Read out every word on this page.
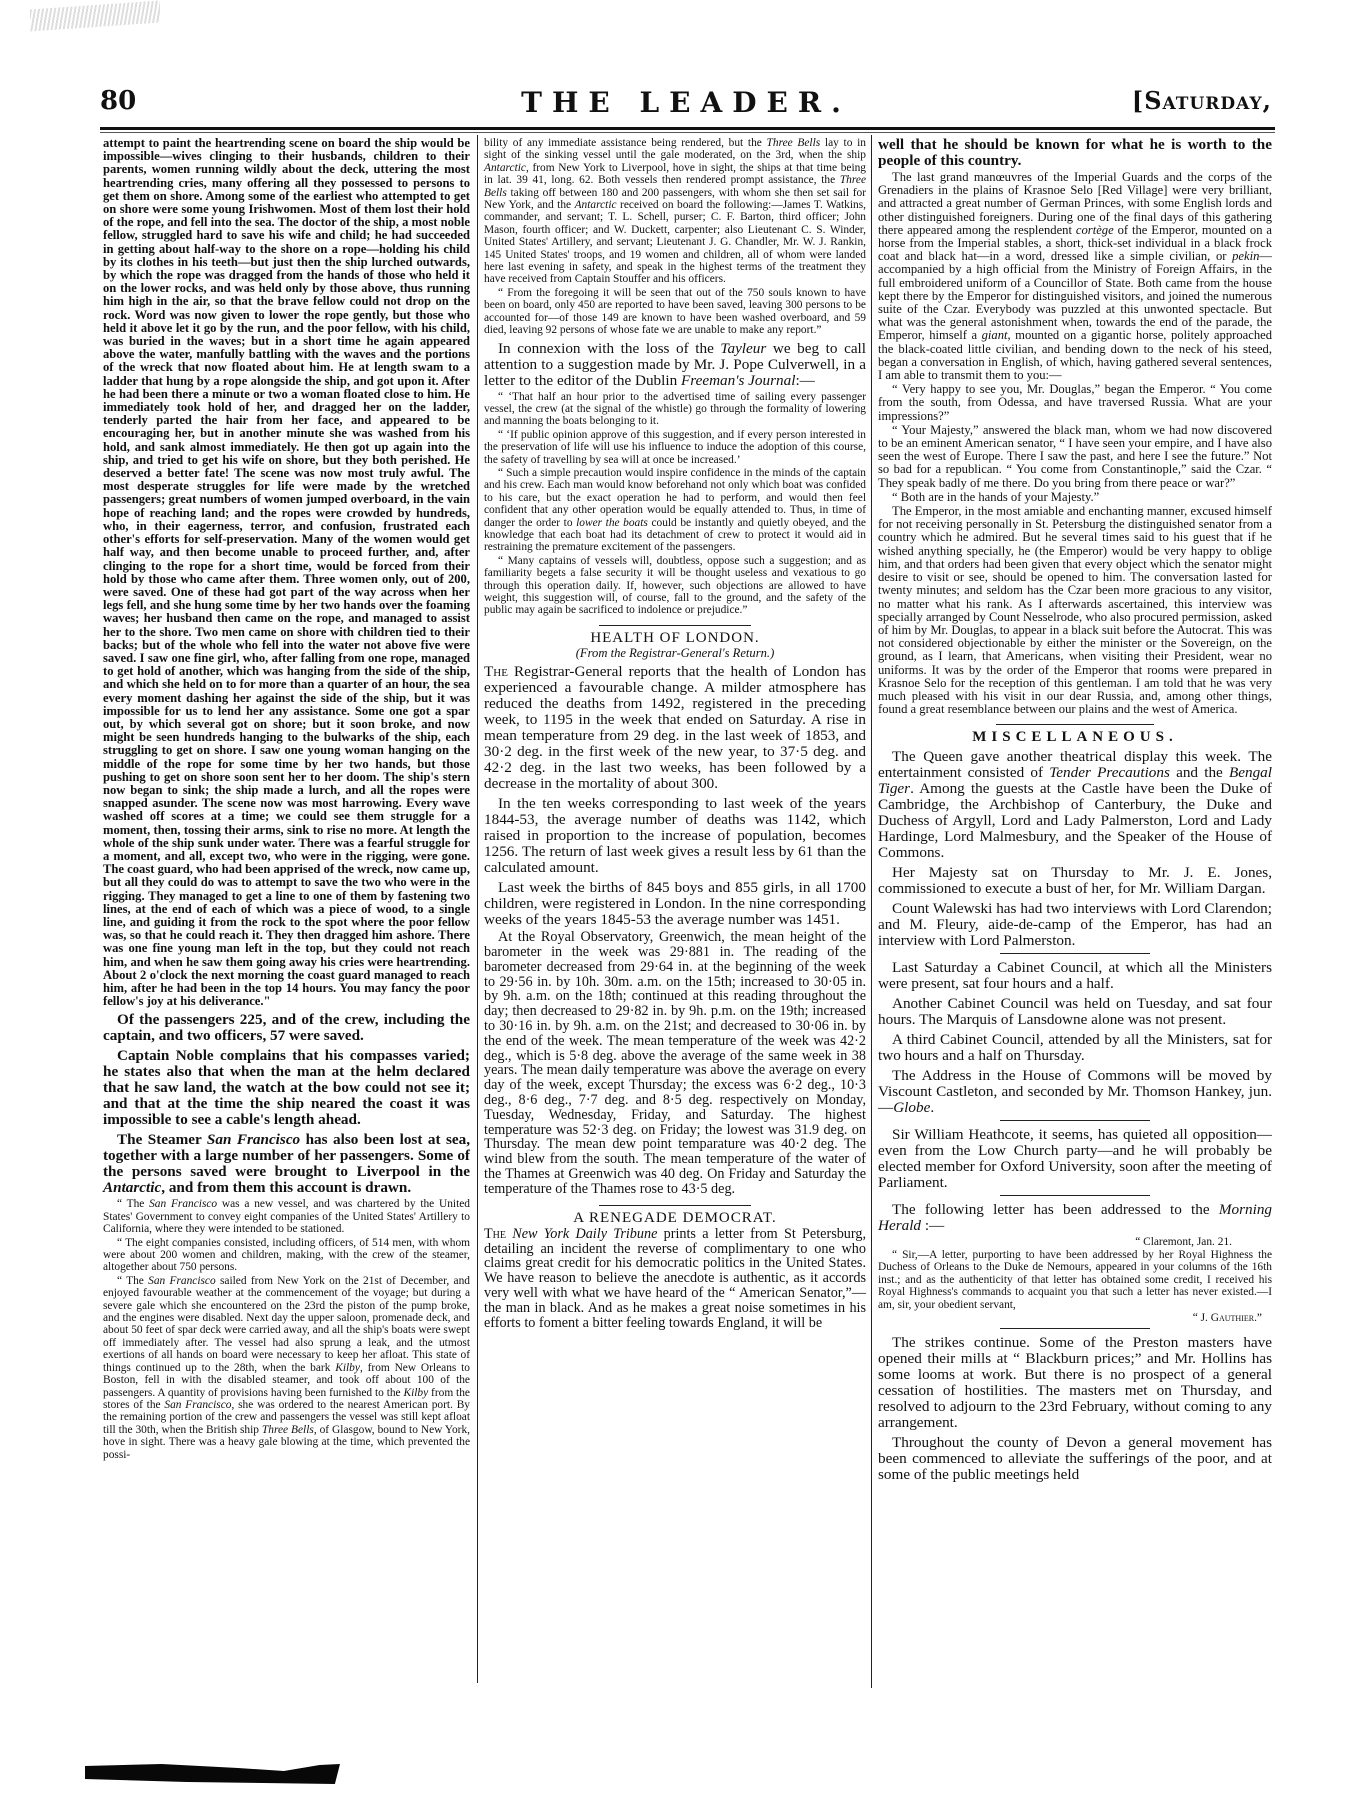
80	THE LEADER.	[Saturday,

attempt to paint the heartrending scene on board the ship would be impossible—wives clinging to their husbands, children to their parents, women running wildly about the deck, uttering the most heartrending cries, many offering all they possessed to persons to get them on shore. Among some of the earliest who attempted to get on shore were some young Irishwomen. Most of them lost their hold of the rope, and fell into the sea. The doctor of the ship, a most noble fellow, struggled hard to save his wife and child; he had succeeded in getting about half-way to the shore on a rope—holding his child by its clothes in his teeth—but just then the ship lurched outwards, by which the rope was dragged from the hands of those who held it on the lower rocks, and was held only by those above, thus running him high in the air, so that the brave fellow could not drop on the rock. Word was now given to lower the rope gently, but those who held it above let it go by the run, and the poor fellow, with his child, was buried in the waves; but in a short time he again appeared above the water, manfully battling with the waves and the portions of the wreck that now floated about him. He at length swam to a ladder that hung by a rope alongside the ship, and got upon it. After he had been there a minute or two a woman floated close to him. He immediately took hold of her, and dragged her on the ladder, tenderly parted the hair from her face, and appeared to be encouraging her, but in another minute she was washed from his hold, and sank almost immediately. He then got up again into the ship, and tried to get his wife on shore, but they both perished. He deserved a better fate! The scene was now most truly awful. The most desperate struggles for life were made by the wretched passengers; great numbers of women jumped overboard, in the vain hope of reaching land; and the ropes were crowded by hundreds, who, in their eagerness, terror, and confusion, frustrated each other's efforts for self-preservation. Many of the women would get half way, and then become unable to proceed further, and, after clinging to the rope for a short time, would be forced from their hold by those who came after them. Three women only, out of 200, were saved. One of these had got part of the way across when her legs fell, and she hung some time by her two hands over the foaming waves; her husband then came on the rope, and managed to assist her to the shore. Two men came on shore with children tied to their backs; but of the whole who fell into the water not above five were saved. I saw one fine girl, who, after falling from one rope, managed to get hold of another, which was hanging from the side of the ship, and which she held on to for more than a quarter of an hour, the sea every moment dashing her against the side of the ship, but it was impossible for us to lend her any assistance. Some one got a spar out, by which several got on shore; but it soon broke, and now might be seen hundreds hanging to the bulwarks of the ship, each struggling to get on shore. I saw one young woman hanging on the middle of the rope for some time by her two hands, but those pushing to get on shore soon sent her to her doom. The ship's stern now began to sink; the ship made a lurch, and all the ropes were snapped asunder. The scene now was most harrowing. Every wave washed off scores at a time; we could see them struggle for a moment, then, tossing their arms, sink to rise no more. At length the whole of the ship sunk under water. There was a fearful struggle for a moment, and all, except two, who were in the rigging, were gone. The coast guard, who had been apprised of the wreck, now came up, but all they could do was to attempt to save the two who were in the rigging. They managed to get a line to one of them by fastening two lines, at the end of each of which was a piece of wood, to a single line, and guiding it from the rock to the spot where the poor fellow was, so that he could reach it. They then dragged him ashore. There was one fine young man left in the top, but they could not reach him, and when he saw them going away his cries were heartrending. About 2 o'clock the next morning the coast guard managed to reach him, after he had been in the top 14 hours. You may fancy the poor fellow's joy at his deliverance."

Of the passengers 225, and of the crew, including the captain, and two officers, 57 were saved.

Captain Noble complains that his compasses varied; he states also that when the man at the helm declared that he saw land, the watch at the bow could not see it; and that at the time the ship neared the coast it was impossible to see a cable's length ahead.

The Steamer San Francisco has also been lost at sea, together with a large number of her passengers. Some of the persons saved were brought to Liverpool in the Antarctic, and from them this account is drawn.

“ The San Francisco was a new vessel, and was chartered by the United States' Government to convey eight companies of the United States' Artillery to California, where they were intended to be stationed.

“ The eight companies consisted, including officers, of 514 men, with whom were about 200 women and children, making, with the crew of the steamer, altogether about 750 persons.

“ The San Francisco sailed from New York on the 21st of December, and enjoyed favourable weather at the commencement of the voyage; but during a severe gale which she encountered on the 23rd the piston of the pump broke, and the engines were disabled. Next day the upper saloon, promenade deck, and about 50 feet of spar deck were carried away, and all the ship's boats were swept off immediately after. The vessel had also sprung a leak, and the utmost exertions of all hands on board were necessary to keep her afloat. This state of things continued up to the 28th, when the bark Kilby, from New Orleans to Boston, fell in with the disabled steamer, and took off about 100 of the passengers. A quantity of provisions having been furnished to the Kilby from the stores of the San Francisco, she was ordered to the nearest American port. By the remaining portion of the crew and passengers the vessel was still kept afloat till the 30th, when the British ship Three Bells, of Glasgow, bound to New York, hove in sight. There was a heavy gale blowing at the time, which prevented the possi-

bility of any immediate assistance being rendered, but the Three Bells lay to in sight of the sinking vessel until the gale moderated, on the 3rd, when the ship Antarctic, from New York to Liverpool, hove in sight, the ships at that time being in lat. 39 41, long. 62. Both vessels then rendered prompt assistance, the Three Bells taking off between 180 and 200 passengers, with whom she then set sail for New York, and the Antarctic received on board the following:—James T. Watkins, commander, and servant; T. L. Schell, purser; C. F. Barton, third officer; John Mason, fourth officer; and W. Duckett, carpenter; also Lieutenant C. S. Winder, United States' Artillery, and servant; Lieutenant J. G. Chandler, Mr. W. J. Rankin, 145 United States' troops, and 19 women and children, all of whom were landed here last evening in safety, and speak in the highest terms of the treatment they have received from Captain Stouffer and his officers.

“ From the foregoing it will be seen that out of the 750 souls known to have been on board, only 450 are reported to have been saved, leaving 300 persons to be accounted for—of those 149 are known to have been washed overboard, and 59 died, leaving 92 persons of whose fate we are unable to make any report.”

In connexion with the loss of the Tayleur we beg to call attention to a suggestion made by Mr. J. Pope Culverwell, in a letter to the editor of the Dublin Freeman's Journal:—

“ ‘That half an hour prior to the advertised time of sailing every passenger vessel, the crew (at the signal of the whistle) go through the formality of lowering and manning the boats belonging to it.

“ ‘If public opinion approve of this suggestion, and if every person interested in the preservation of life will use his influence to induce the adoption of this course, the safety of travelling by sea will at once be increased.’

“ Such a simple precaution would inspire confidence in the minds of the captain and his crew. Each man would know beforehand not only which boat was confided to his care, but the exact operation he had to perform, and would then feel confident that any other operation would be equally attended to. Thus, in time of danger the order to lower the boats could be instantly and quietly obeyed, and the knowledge that each boat had its detachment of crew to protect it would aid in restraining the premature excitement of the passengers.

“ Many captains of vessels will, doubtless, oppose such a suggestion; and as familiarity begets a false security it will be thought useless and vexatious to go through this operation daily. If, however, such objections are allowed to have weight, this suggestion will, of course, fall to the ground, and the safety of the public may again be sacrificed to indolence or prejudice.”

HEALTH OF LONDON.
(From the Registrar-General's Return.)

The Registrar-General reports that the health of London has experienced a favourable change. A milder atmosphere has reduced the deaths from 1492, registered in the preceding week, to 1195 in the week that ended on Saturday. A rise in mean temperature from 29 deg. in the last week of 1853, and 30·2 deg. in the first week of the new year, to 37·5 deg. and 42·2 deg. in the last two weeks, has been followed by a decrease in the mortality of about 300.

In the ten weeks corresponding to last week of the years 1844-53, the average number of deaths was 1142, which raised in proportion to the increase of population, becomes 1256. The return of last week gives a result less by 61 than the calculated amount.

Last week the births of 845 boys and 855 girls, in all 1700 children, were registered in London. In the nine corresponding weeks of the years 1845-53 the average number was 1451.

At the Royal Observatory, Greenwich, the mean height of the barometer in the week was 29·881 in. The reading of the barometer decreased from 29·64 in. at the beginning of the week to 29·56 in. by 10h. 30m. a.m. on the 15th; increased to 30·05 in. by 9h. a.m. on the 18th; continued at this reading throughout the day; then decreased to 29·82 in. by 9h. p.m. on the 19th; increased to 30·16 in. by 9h. a.m. on the 21st; and decreased to 30·06 in. by the end of the week. The mean temperature of the week was 42·2 deg., which is 5·8 deg. above the average of the same week in 38 years. The mean daily temperature was above the average on every day of the week, except Thursday; the excess was 6·2 deg., 10·3 deg., 8·6 deg., 7·7 deg. and 8·5 deg. respectively on Monday, Tuesday, Wednesday, Friday, and Saturday. The highest temperature was 52·3 deg. on Friday; the lowest was 31.9 deg. on Thursday. The mean dew point temparature was 40·2 deg. The wind blew from the south. The mean temperature of the water of the Thames at Greenwich was 40 deg. On Friday and Saturday the temperature of the Thames rose to 43·5 deg.

A RENEGADE DEMOCRAT.

The New York Daily Tribune prints a letter from St Petersburg, detailing an incident the reverse of complimentary to one who claims great credit for his democratic politics in the United States. We have reason to believe the anecdote is authentic, as it accords very well with what we have heard of the “ American Senator,”—the man in black. And as he makes a great noise sometimes in his efforts to foment a bitter feeling towards England, it will be

well that he should be known for what he is worth to the people of this country.

The last grand manœuvres of the Imperial Guards and the corps of the Grenadiers in the plains of Krasnoe Selo [Red Village] were very brilliant, and attracted a great number of German Princes, with some English lords and other distinguished foreigners. During one of the final days of this gathering there appeared among the resplendent cortège of the Emperor, mounted on a horse from the Imperial stables, a short, thick-set individual in a black frock coat and black hat—in a word, dressed like a simple civilian, or pekin—accompanied by a high official from the Ministry of Foreign Affairs, in the full embroidered uniform of a Councillor of State. Both came from the house kept there by the Emperor for distinguished visitors, and joined the numerous suite of the Czar. Everybody was puzzled at this unwonted spectacle. But what was the general astonishment when, towards the end of the parade, the Emperor, himself a giant, mounted on a gigantic horse, politely approached the black-coated little civilian, and bending down to the neck of his steed, began a conversation in English, of which, having gathered several sentences, I am able to transmit them to you:—

“ Very happy to see you, Mr. Douglas,” began the Emperor. “ You come from the south, from Odessa, and have traversed Russia. What are your impressions?”

“ Your Majesty,” answered the black man, whom we had now discovered to be an eminent American senator, “ I have seen your empire, and I have also seen the west of Europe. There I saw the past, and here I see the future.” Not so bad for a republican. “ You come from Constantinople,” said the Czar. “ They speak badly of me there. Do you bring from there peace or war?”

“ Both are in the hands of your Majesty.”

The Emperor, in the most amiable and enchanting manner, excused himself for not receiving personally in St. Petersburg the distinguished senator from a country which he admired. But he several times said to his guest that if he wished anything specially, he (the Emperor) would be very happy to oblige him, and that orders had been given that every object which the senator might desire to visit or see, should be opened to him. The conversation lasted for twenty minutes; and seldom has the Czar been more gracious to any visitor, no matter what his rank. As I afterwards ascertained, this interview was specially arranged by Count Nesselrode, who also procured permission, asked of him by Mr. Douglas, to appear in a black suit before the Autocrat. This was not considered objectionable by either the minister or the Sovereign, on the ground, as I learn, that Americans, when visiting their President, wear no uniforms. It was by the order of the Emperor that rooms were prepared in Krasnoe Selo for the reception of this gentleman. I am told that he was very much pleased with his visit in our dear Russia, and, among other things, found a great resemblance between our plains and the west of America.

MISCELLANEOUS.

The Queen gave another theatrical display this week. The entertainment consisted of Tender Precautions and the Bengal Tiger. Among the guests at the Castle have been the Duke of Cambridge, the Archbishop of Canterbury, the Duke and Duchess of Argyll, Lord and Lady Palmerston, Lord and Lady Hardinge, Lord Malmesbury, and the Speaker of the House of Commons.

Her Majesty sat on Thursday to Mr. J. E. Jones, commissioned to execute a bust of her, for Mr. William Dargan.

Count Walewski has had two interviews with Lord Clarendon; and M. Fleury, aide-de-camp of the Emperor, has had an interview with Lord Palmerston.

Last Saturday a Cabinet Council, at which all the Ministers were present, sat four hours and a half.

Another Cabinet Council was held on Tuesday, and sat four hours. The Marquis of Lansdowne alone was not present.

A third Cabinet Council, attended by all the Ministers, sat for two hours and a half on Thursday.

The Address in the House of Commons will be moved by Viscount Castleton, and seconded by Mr. Thomson Hankey, jun.—Globe.

Sir William Heathcote, it seems, has quieted all opposition—even from the Low Church party—and he will probably be elected member for Oxford University, soon after the meeting of Parliament.

The following letter has been addressed to the Morning Herald :—

“ Claremont, Jan. 21.

“ Sir,—A letter, purporting to have been addressed by her Royal Highness the Duchess of Orleans to the Duke de Nemours, appeared in your columns of the 16th inst.; and as the authenticity of that letter has obtained some credit, I received his Royal Highness's commands to acquaint you that such a letter has never existed.—I am, sir, your obedient servant,

“ J. Gauthier.”

The strikes continue. Some of the Preston masters have opened their mills at “ Blackburn prices;” and Mr. Hollins has some looms at work. But there is no prospect of a general cessation of hostilities. The masters met on Thursday, and resolved to adjourn to the 23rd February, without coming to any arrangement.

Throughout the county of Devon a general movement has been commenced to alleviate the sufferings of the poor, and at some of the public meetings held
